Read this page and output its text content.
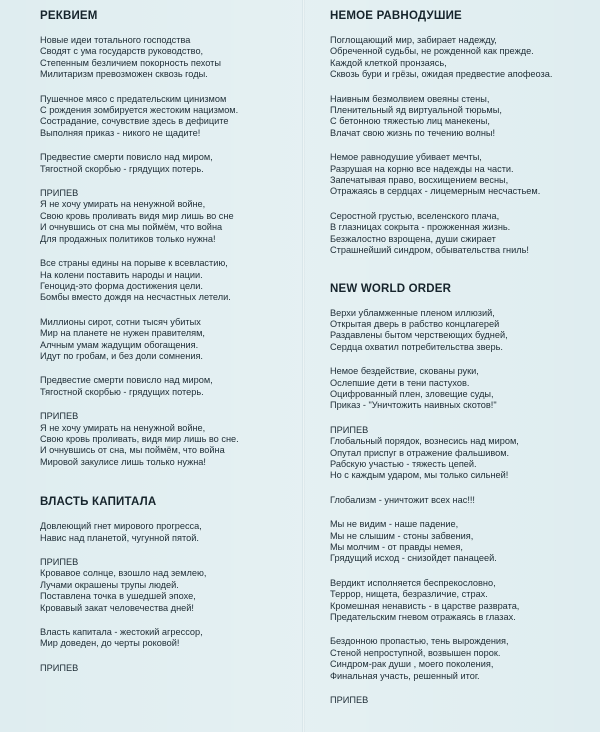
РЕКВИЕМ
Новые идеи тотального господства
Сводят с ума государств руководство,
Степенным безличием покорность пехоты
Милитаризм превозможен сквозь годы.
Пушечное мясо с предательским цинизмом
С рождения зомбируется жестоким нацизмом.
Сострадание, сочувствие здесь в дефиците
Выполняя приказ - никого не щадите!
Предвестие смерти повисло над миром,
Тягостной скорбью - грядущих потерь.
ПРИПЕВ
Я не хочу умирать на ненужной войне,
Свою кровь проливать видя мир лишь во сне
И очнувшись от сна мы поймём, что война
Для продажных политиков только нужна!
Все страны едины на порыве к всевластию,
На колени поставить народы и нации.
Геноцид-это форма достижения цели.
Бомбы вместо дождя на несчастных летели.
Миллионы сирот, сотни тысяч убитых
Мир на планете не нужен правителям,
Алчным умам жадущим обогащения.
Идут по гробам, и без доли сомнения.
Предвестие смерти повисло над миром,
Тягостной скорбью - грядущих потерь.
ПРИПЕВ
Я не хочу умирать на ненужной войне,
Свою кровь проливать, видя мир лишь во сне.
И очнувшись от сна, мы поймём, что война
Мировой закулисе лишь только нужна!
ВЛАСТЬ КАПИТАЛА
Довлеющий гнет мирового прогресса,
Навис над планетой, чугунной пятой.
ПРИПЕВ
Кровавое солнце, взошло над землею,
Лучами окрашены трупы людей.
Поставлена точка в ушедшей эпохе,
Кровавый закат человечества дней!
Власть капитала - жестокий агрессор,
Мир доведен, до черты роковой!
ПРИПЕВ
НЕМОЕ РАВНОДУШИЕ
Поглощающий мир, забирает надежду,
Обреченной судьбы, не рожденной как прежде.
Каждой клеткой пронзаясь,
Сквозь бури и грёзы, ожидая предвестие апофеоза.
Наивным безмолвием овеяны стены,
Пленительный яд виртуальной тюрьмы,
С бетонною тяжестью лиц манекены,
Влачат свою жизнь по течению волны!
Немое равнодушие убивает мечты,
Разрушая на корню все надежды на части.
Запечатывая право, восхищением весны,
Отражаясь в сердцах - лицемерным несчастьем.
Серостной грустью, вселенского плача,
В глазницах сокрыта - прожженная жизнь.
Безжалостно взрощена, души сжирает
Страшнейший синдром, обывательства гниль!
NEW WORLD ORDER
Верхи убламженные пленом иллюзий,
Открытая дверь в рабство концлагерей
Раздавлены бытом черствеющих будней,
Сердца охватил потребительства зверь.
Немое бездействие, скованы руки,
Ослепшие дети в тени пастухов.
Оцифрованный плен, зловещие суды,
Приказ - "Уничтожить наивных скотов!"
ПРИПЕВ
Глобальный порядок, вознесись над миром,
Опутал приспуг в отражение фальшивом.
Рабскую участью - тяжесть цепей.
Но с каждым ударом, мы только сильней!
Глобализм - уничтожит всех нас!!!
Мы не видим - наше падение,
Мы не слышим - стоны забвения,
Мы молчим - от правды немея,
Грядущий исход - снизойдет панацеей.
Вердикт исполняется беспрекословно,
Террор, нищета, безразличие, страх.
Кромешная ненависть - в царстве разврата,
Предательским гневом отражаясь в глазах.
Бездонною пропастью, тень вырождения,
Стеной непроступной, возвышен порок.
Синдром-рак души , моего поколения,
Финальная участь, решенный итог.
ПРИПЕВ
